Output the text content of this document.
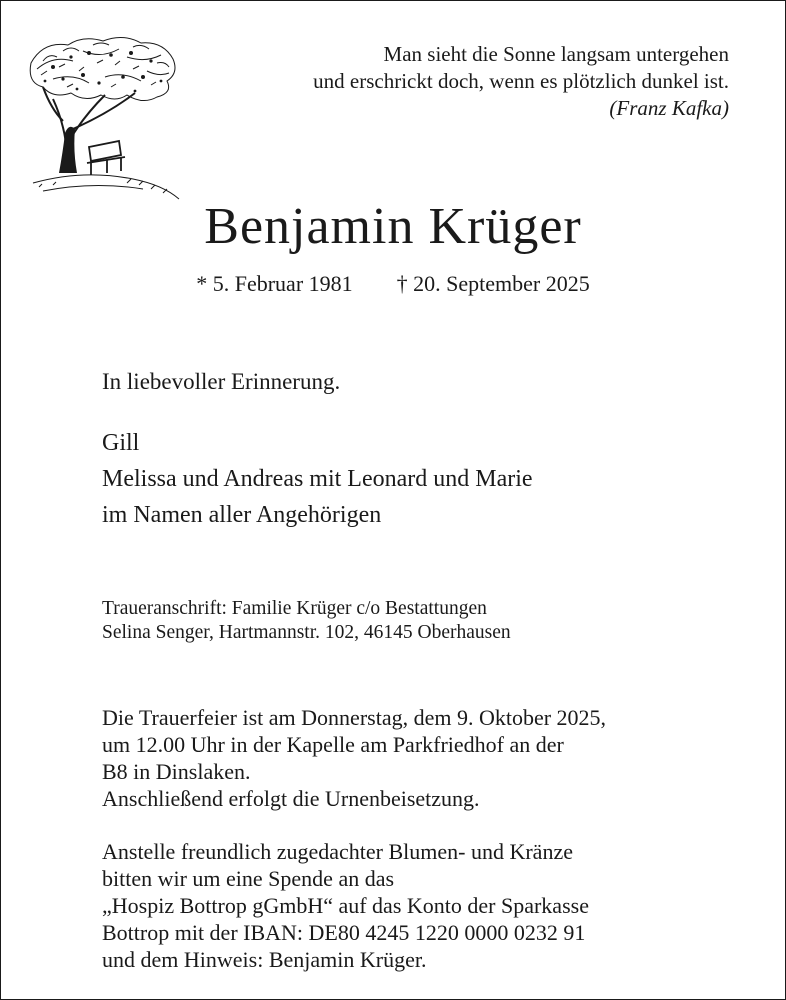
Man sieht die Sonne langsam untergehen
und erschrickt doch, wenn es plötzlich dunkel ist.
(Franz Kafka)
Benjamin Krüger
* 5. Februar 1981 † 20. September 2025
In liebevoller Erinnerung.
Gill
Melissa und Andreas mit Leonard und Marie
im Namen aller Angehörigen
Traueranschrift: Familie Krüger c/o Bestattungen
Selina Senger, Hartmannstr. 102, 46145 Oberhausen
Die Trauerfeier ist am Donnerstag, dem 9. Oktober 2025,
um 12.00 Uhr in der Kapelle am Parkfriedhof an der
B8 in Dinslaken.
Anschließend erfolgt die Urnenbeisetzung.
Anstelle freundlich zugedachter Blumen- und Kränze
bitten wir um eine Spende an das
„Hospiz Bottrop gGmbH“ auf das Konto der Sparkasse
Bottrop mit der IBAN: DE80 4245 1220 0000 0232 91
und dem Hinweis: Benjamin Krüger.
